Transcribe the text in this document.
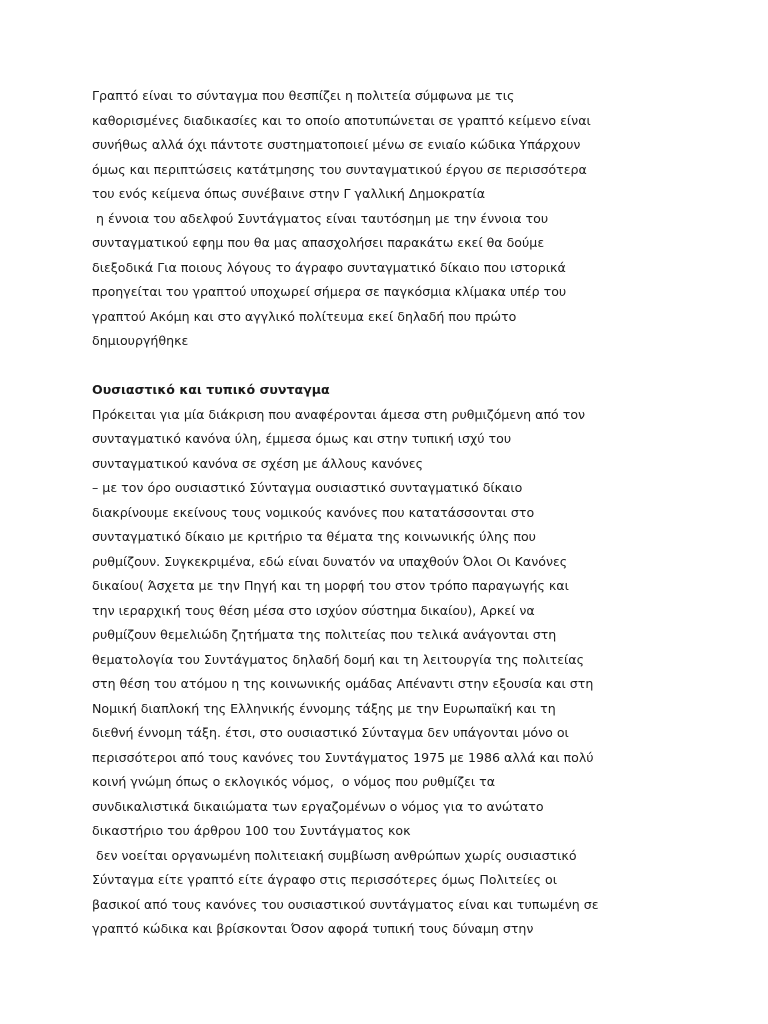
Γραπτό είναι το σύνταγμα που θεσπίζει η πολιτεία σύμφωνα με τις
καθορισμένες διαδικασίες και το οποίο αποτυπώνεται σε γραπτό κείμενο είναι
συνήθως αλλά όχι πάντοτε συστηματοποιεί μένω σε ενιαίο κώδικα Υπάρχουν
όμως και περιπτώσεις κατάτμησης του συνταγματικού έργου σε περισσότερα
του ενός κείμενα όπως συνέβαινε στην Γ γαλλική Δημοκρατία
η έννοια του αδελφού Συντάγματος είναι ταυτόσημη με την έννοια του
συνταγματικού εφημ που θα μας απασχολήσει παρακάτω εκεί θα δούμε
διεξοδικά Για ποιους λόγους το άγραφο συνταγματικό δίκαιο που ιστορικά
προηγείται του γραπτού υποχωρεί σήμερα σε παγκόσμια κλίμακα υπέρ του
γραπτού Ακόμη και στο αγγλικό πολίτευμα εκεί δηλαδή που πρώτο
δημιουργήθηκε
Ουσιαστικό και τυπικό συνταγμα
Πρόκειται για μία διάκριση που αναφέρονται άμεσα στη ρυθμιζόμενη από τον
συνταγματικό κανόνα ύλη, έμμεσα όμως και στην τυπική ισχύ του
συνταγματικού κανόνα σε σχέση με άλλους κανόνες
– με τον όρο ουσιαστικό Σύνταγμα ουσιαστικό συνταγματικό δίκαιο
διακρίνουμε εκείνους τους νομικούς κανόνες που κατατάσσονται στο
συνταγματικό δίκαιο με κριτήριο τα θέματα της κοινωνικής ύλης που
ρυθμίζουν. Συγκεκριμένα, εδώ είναι δυνατόν να υπαχθούν Όλοι Οι Κανόνες
δικαίου( Άσχετα με την Πηγή και τη μορφή του στον τρόπο παραγωγής και
την ιεραρχική τους θέση μέσα στο ισχύον σύστημα δικαίου), Αρκεί να
ρυθμίζουν θεμελιώδη ζητήματα της πολιτείας που τελικά ανάγονται στη
θεματολογία του Συντάγματος δηλαδή δομή και τη λειτουργία της πολιτείας
στη θέση του ατόμου η της κοινωνικής ομάδας Απέναντι στην εξουσία και στη
Νομική διαπλοκή της Ελληνικής έννομης τάξης με την Ευρωπαϊκή και τη
διεθνή έννομη τάξη. έτσι, στο ουσιαστικό Σύνταγμα δεν υπάγονται μόνο οι
περισσότεροι από τους κανόνες του Συντάγματος 1975 με 1986 αλλά και πολύ
κοινή γνώμη όπως ο εκλογικός νόμος,  ο νόμος που ρυθμίζει τα
συνδικαλιστικά δικαιώματα των εργαζομένων ο νόμος για το ανώτατο
δικαστήριο του άρθρου 100 του Συντάγματος κοκ
δεν νοείται οργανωμένη πολιτειακή συμβίωση ανθρώπων χωρίς ουσιαστικό
Σύνταγμα είτε γραπτό είτε άγραφο στις περισσότερες όμως Πολιτείες οι
βασικοί από τους κανόνες του ουσιαστικού συντάγματος είναι και τυπωμένη σε
γραπτό κώδικα και βρίσκονται Όσον αφορά τυπική τους δύναμη στην
